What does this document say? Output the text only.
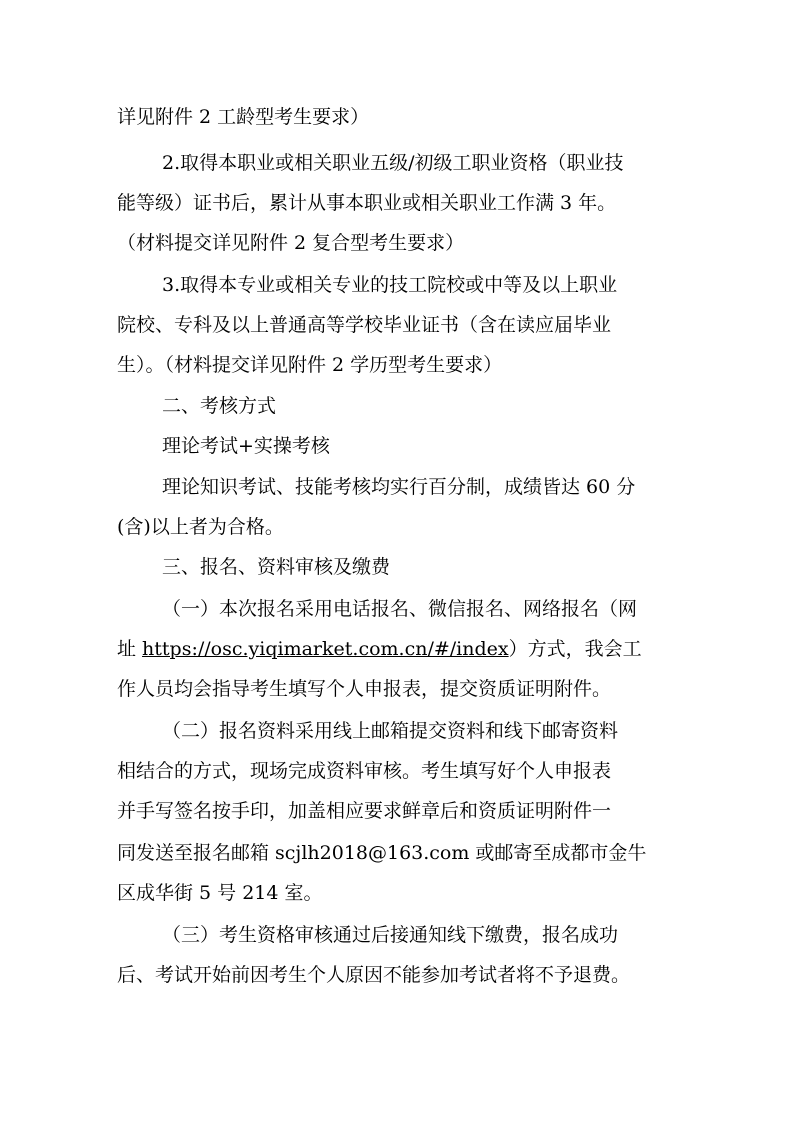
详见附件 2 工龄型考生要求）
2.取得本职业或相关职业五级/初级工职业资格（职业技
能等级）证书后，累计从事本职业或相关职业工作满 3 年。
（材料提交详见附件 2 复合型考生要求）
3.取得本专业或相关专业的技工院校或中等及以上职业
院校、专科及以上普通高等学校毕业证书（含在读应届毕业
生）。（材料提交详见附件 2 学历型考生要求）
二、考核方式
理论考试+实操考核
理论知识考试、技能考核均实行百分制，成绩皆达 60 分
(含)以上者为合格。
三、报名、资料审核及缴费
（一）本次报名采用电话报名、微信报名、网络报名（网
址 https://osc.yiqimarket.com.cn/#/index）方式，我会工
作人员均会指导考生填写个人申报表，提交资质证明附件。
（二）报名资料采用线上邮箱提交资料和线下邮寄资料
相结合的方式，现场完成资料审核。考生填写好个人申报表
并手写签名按手印，加盖相应要求鲜章后和资质证明附件一
同发送至报名邮箱 scjlh2018@163.com 或邮寄至成都市金牛
区成华街 5 号 214 室。
（三）考生资格审核通过后接通知线下缴费，报名成功
后、考试开始前因考生个人原因不能参加考试者将不予退费。
